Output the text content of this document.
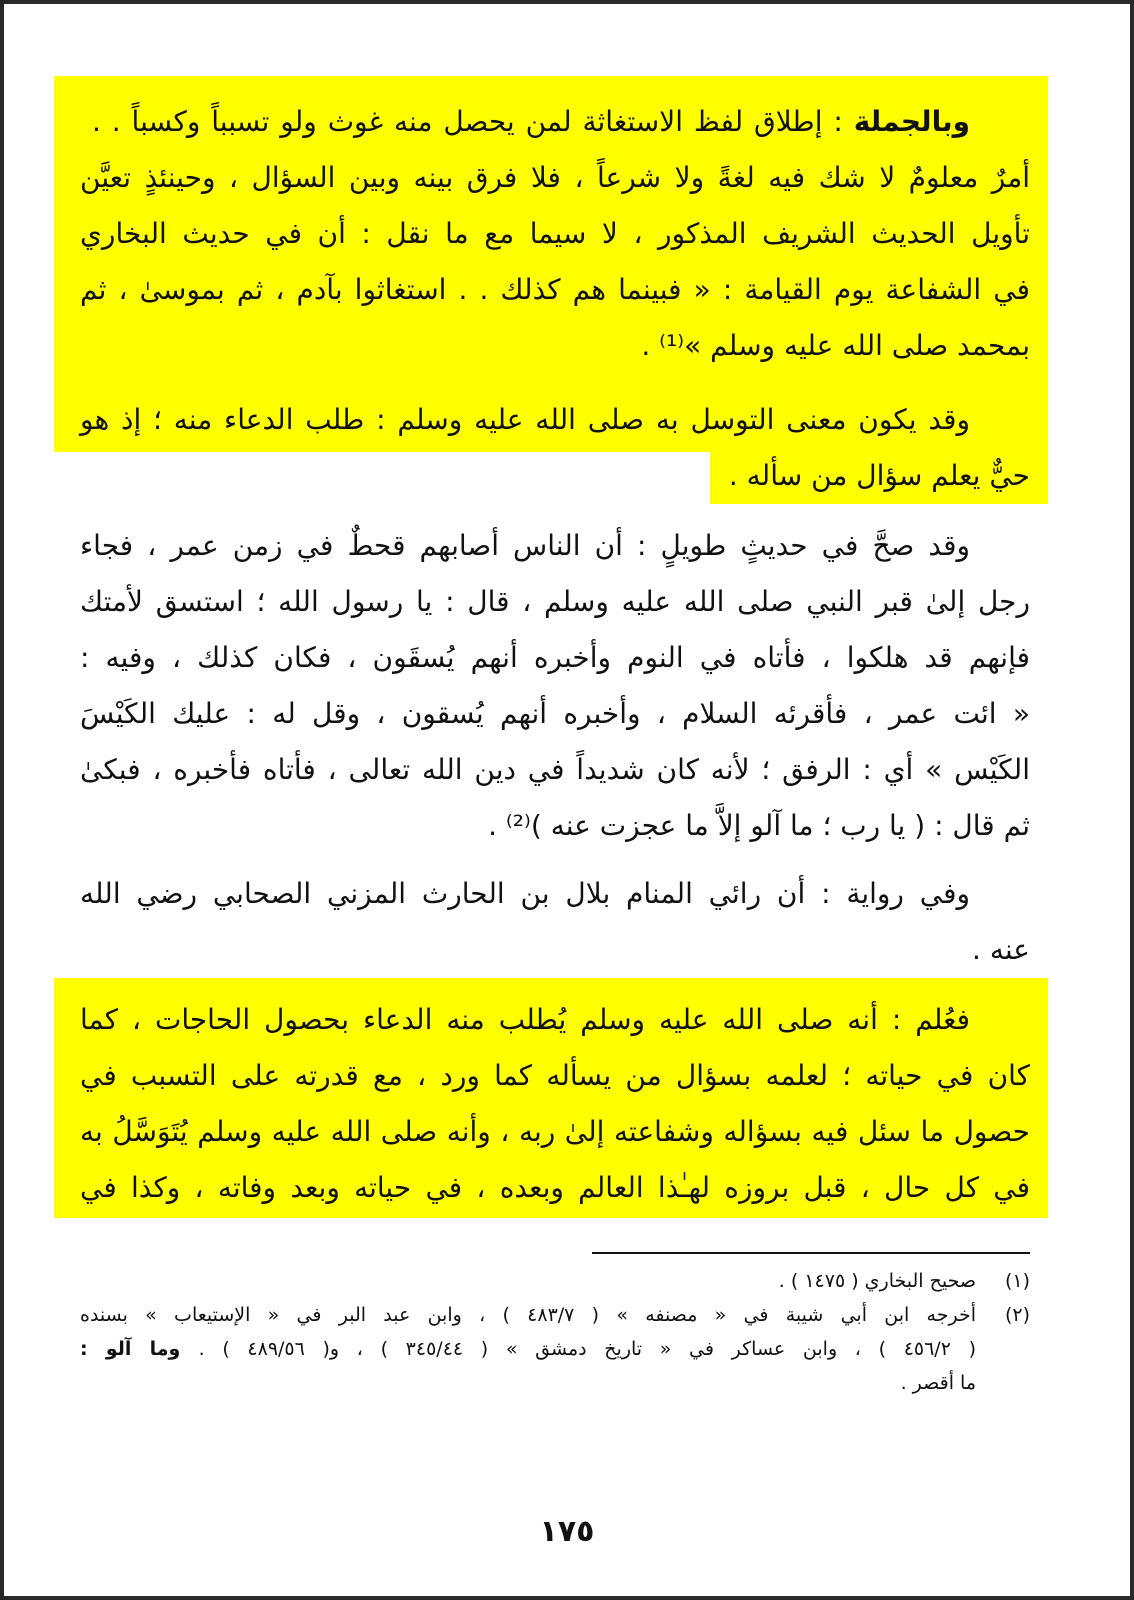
وبالجملة : إطلاق لفظ الاستغاثة لمن يحصل منه غوث ولو تسبباً وكسباً . .
أمرٌ معلومٌ لا شك فيه لغةً ولا شرعاً ، فلا فرق بينه وبين السؤال ، وحينئذٍ تعيَّن
تأويل الحديث الشريف المذكور ، لا سيما مع ما نقل : أن في حديث البخاري
في الشفاعة يوم القيامة : « فبينما هم كذلك . . استغاثوا بآدم ، ثم بموسىٰ ، ثم
بمحمد صلى الله عليه وسلم »⁽¹⁾ .
وقد يكون معنى التوسل به صلى الله عليه وسلم : طلب الدعاء منه ؛ إذ هو
حيٌّ يعلم سؤال من سأله .
وقد صحَّ في حديثٍ طويلٍ : أن الناس أصابهم قحطٌ في زمن عمر ، فجاء
رجل إلىٰ قبر النبي صلى الله عليه وسلم ، قال : يا رسول الله ؛ استسق لأمتك
فإنهم قد هلكوا ، فأتاه في النوم وأخبره أنهم يُسقَون ، فكان كذلك ، وفيه :
« ائت عمر ، فأقرئه السلام ، وأخبره أنهم يُسقون ، وقل له : عليك الكَيْسَ
الكَيْس » أي : الرفق ؛ لأنه كان شديداً في دين الله تعالى ، فأتاه فأخبره ، فبكىٰ
ثم قال : ( يا رب ؛ ما آلو إلاَّ ما عجزت عنه )⁽²⁾ .
وفي رواية : أن رائي المنام بلال بن الحارث المزني الصحابي رضي الله
عنه .
فعُلم : أنه صلى الله عليه وسلم يُطلب منه الدعاء بحصول الحاجات ، كما
كان في حياته ؛ لعلمه بسؤال من يسأله كما ورد ، مع قدرته على التسبب في
حصول ما سئل فيه بسؤاله وشفاعته إلىٰ ربه ، وأنه صلى الله عليه وسلم يُتَوَسَّلُ به
في كل حال ، قبل بروزه لهـٰذا العالم وبعده ، في حياته وبعد وفاته ، وكذا في
(١)
صحيح البخاري ( ١٤٧٥ ) .
(٢)
أخرجه ابن أبي شيبة في « مصنفه » ( ٤٨٣/٧ ) ، وابن عبد البر في « الإستيعاب » بسنده
( ٤٥٦/٢ ) ، وابن عساكر في « تاريخ دمشق » ( ٣٤٥/٤٤ ) ، و( ٤٨٩/٥٦ ) . وما آلو :
ما أقصر .
١٧٥
